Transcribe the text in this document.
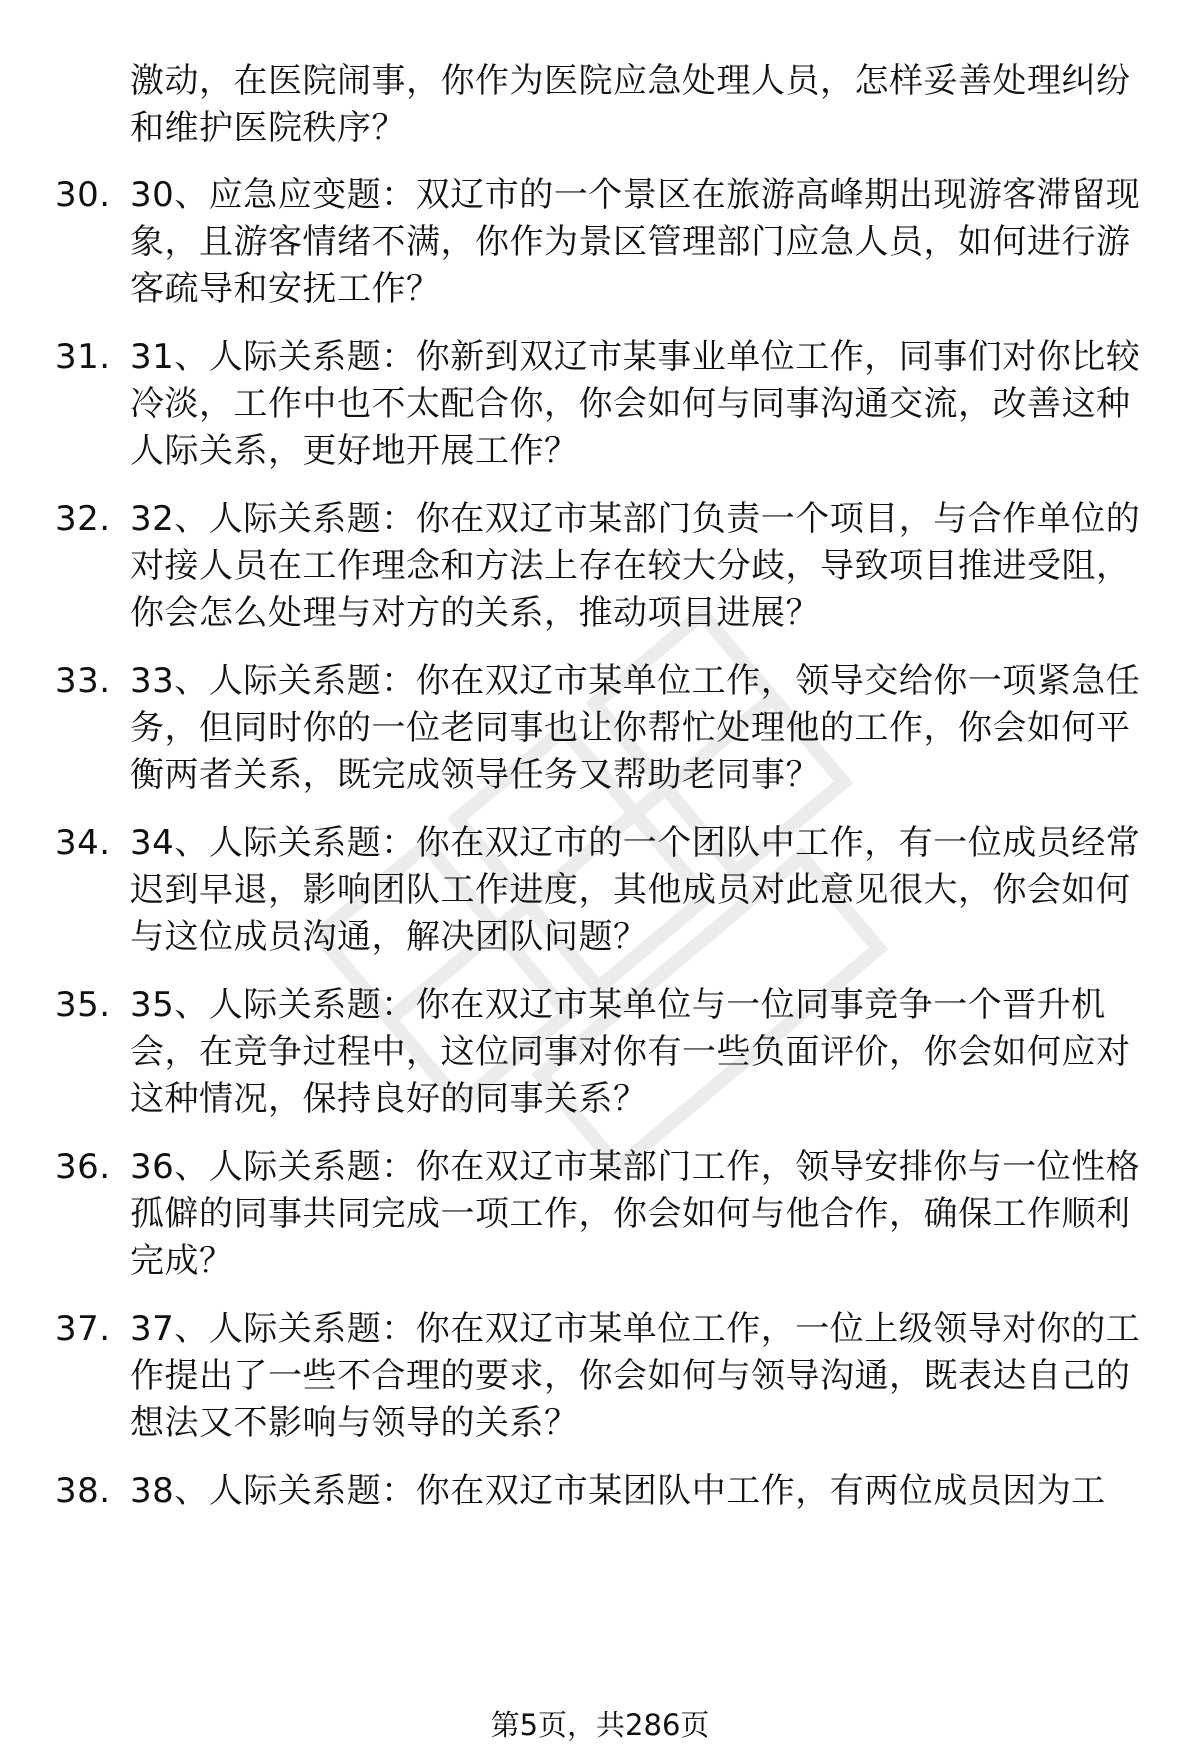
激动，在医院闹事，你作为医院应急处理人员，怎样妥善处理纠纷和维护医院秩序？
30. 30、应急应变题：双辽市的一个景区在旅游高峰期出现游客滞留现象，且游客情绪不满，你作为景区管理部门应急人员，如何进行游客疏导和安抚工作？
31. 31、人际关系题：你新到双辽市某事业单位工作，同事们对你比较冷淡，工作中也不太配合你，你会如何与同事沟通交流，改善这种人际关系，更好地开展工作？
32. 32、人际关系题：你在双辽市某部门负责一个项目，与合作单位的对接人员在工作理念和方法上存在较大分歧，导致项目推进受阻，你会怎么处理与对方的关系，推动项目进展？
33. 33、人际关系题：你在双辽市某单位工作，领导交给你一项紧急任务，但同时你的一位老同事也让你帮忙处理他的工作，你会如何平衡两者关系，既完成领导任务又帮助老同事？
34. 34、人际关系题：你在双辽市的一个团队中工作，有一位成员经常迟到早退，影响团队工作进度，其他成员对此意见很大，你会如何与这位成员沟通，解决团队问题？
35. 35、人际关系题：你在双辽市某单位与一位同事竞争一个晋升机会，在竞争过程中，这位同事对你有一些负面评价，你会如何应对这种情况，保持良好的同事关系？
36. 36、人际关系题：你在双辽市某部门工作，领导安排你与一位性格孤僻的同事共同完成一项工作，你会如何与他合作，确保工作顺利完成？
37. 37、人际关系题：你在双辽市某单位工作，一位上级领导对你的工作提出了一些不合理的要求，你会如何与领导沟通，既表达自己的想法又不影响与领导的关系？
38. 38、人际关系题：你在双辽市某团队中工作，有两位成员因为工
第5页，共286页
